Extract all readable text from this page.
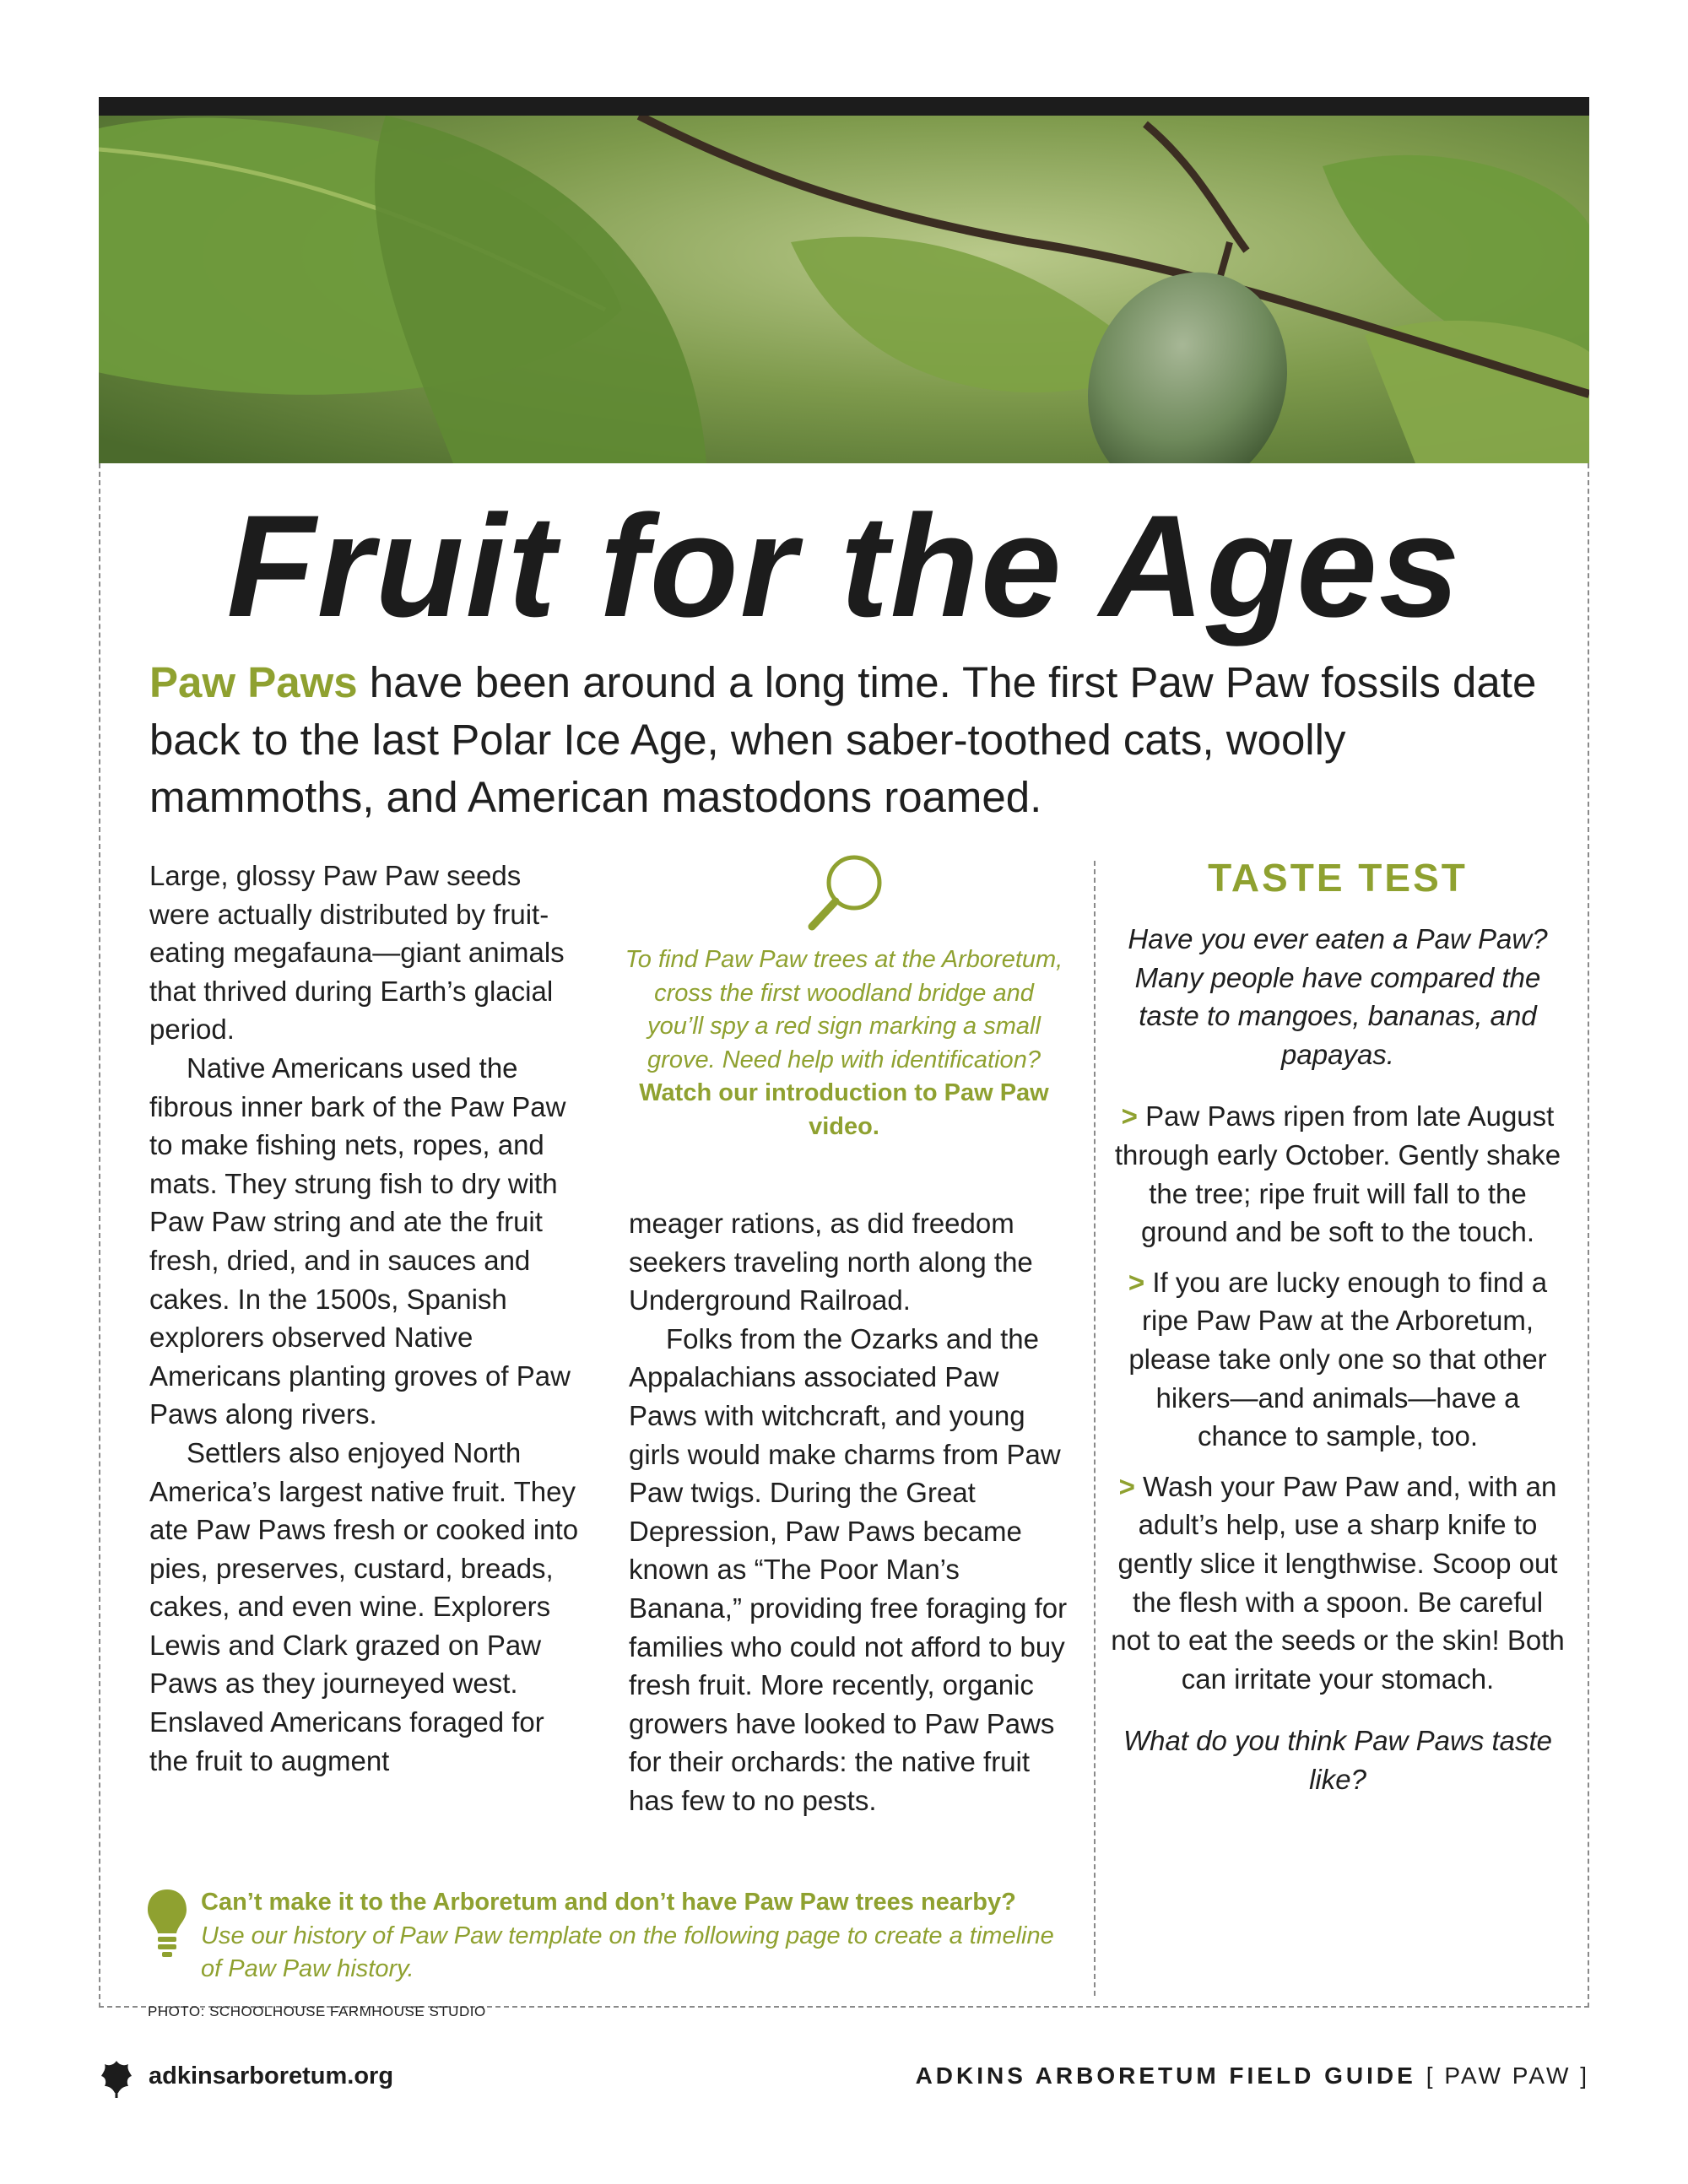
Fruit for the Ages

Paw Paws have been around a long time. The first Paw Paw fossils date back to the last Polar Ice Age, when saber-toothed cats, woolly mammoths, and American mastodons roamed.

Large, glossy Paw Paw seeds were actually distributed by fruit-eating megafauna—giant animals that thrived during Earth’s glacial period.

Native Americans used the fibrous inner bark of the Paw Paw to make fishing nets, ropes, and mats. They strung fish to dry with Paw Paw string and ate the fruit fresh, dried, and in sauces and cakes. In the 1500s, Spanish explorers observed Native Americans planting groves of Paw Paws along rivers.

Settlers also enjoyed North America’s largest native fruit. They ate Paw Paws fresh or cooked into pies, preserves, custard, breads, cakes, and even wine. Explorers Lewis and Clark grazed on Paw Paws as they journeyed west. Enslaved Americans foraged for the fruit to augment

To find Paw Paw trees at the Arboretum, cross the first woodland bridge and you’ll spy a red sign marking a small grove. Need help with identification?
Watch our introduction to Paw Paw video.

meager rations, as did freedom seekers traveling north along the Underground Railroad.

Folks from the Ozarks and the Appalachians associated Paw Paws with witchcraft, and young girls would make charms from Paw Paw twigs. During the Great Depression, Paw Paws became known as “The Poor Man’s Banana,” providing free foraging for families who could not afford to buy fresh fruit. More recently, organic growers have looked to Paw Paws for their orchards: the native fruit has few to no pests.

TASTE TEST

Have you ever eaten a Paw Paw? Many people have compared the taste to mangoes, bananas, and papayas.

> Paw Paws ripen from late August through early October. Gently shake the tree; ripe fruit will fall to the ground and be soft to the touch.

> If you are lucky enough to find a ripe Paw Paw at the Arboretum, please take only one so that other hikers—and animals—have a chance to sample, too.

> Wash your Paw Paw and, with an adult’s help, use a sharp knife to gently slice it lengthwise. Scoop out the flesh with a spoon. Be careful not to eat the seeds or the skin! Both can irritate your stomach.

What do you think Paw Paws taste like?

Can’t make it to the Arboretum and don’t have Paw Paw trees nearby? Use our history of Paw Paw template on the following page to create a timeline of Paw Paw history.
PHOTO: SCHOOLHOUSE FARMHOUSE STUDIO
adkinsarboretum.org	ADKINS ARBORETUM FIELD GUIDE [ PAW PAW ]
